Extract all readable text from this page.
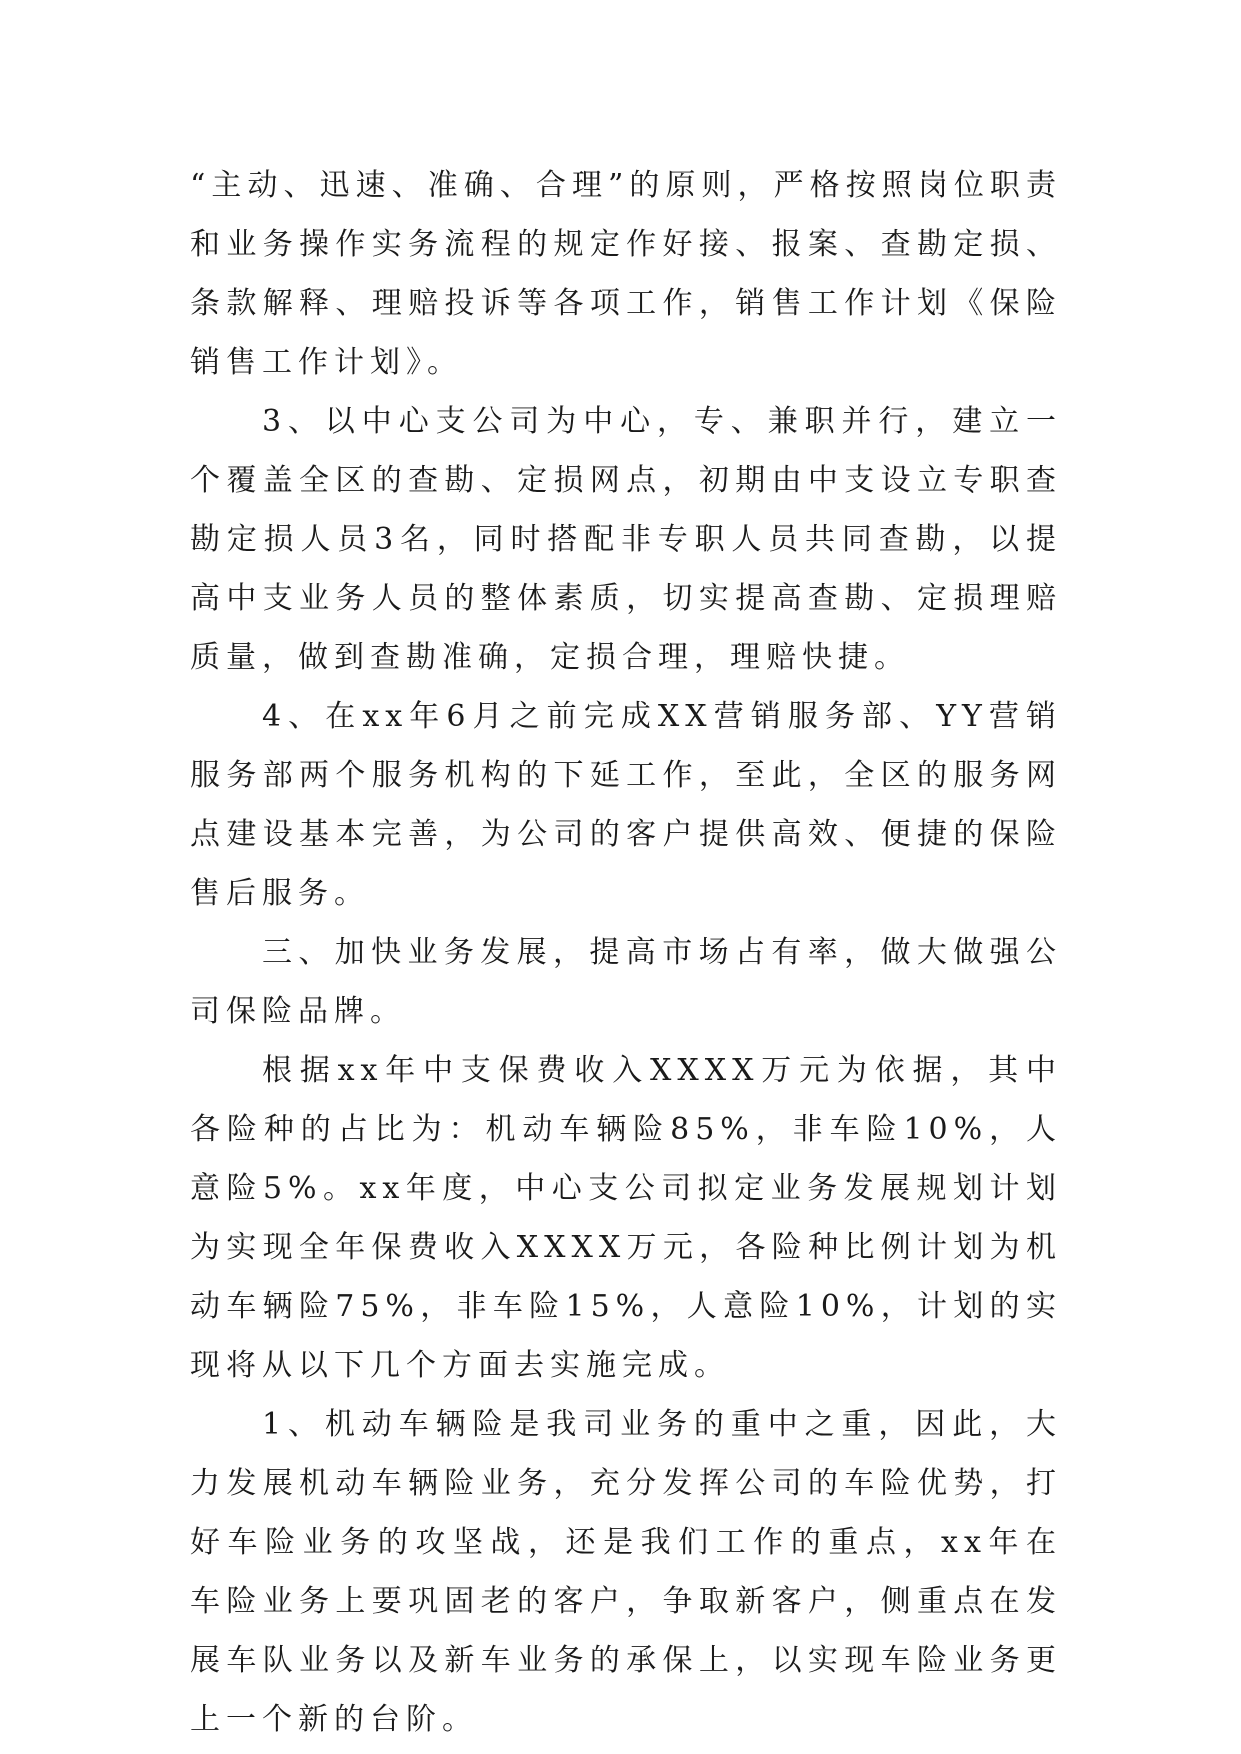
“主动、迅速、准确、合理”的原则，严格按照岗位职责和业务操作实务流程的规定作好接、报案、查勘定损、条款解释、理赔投诉等各项工作，销售工作计划《保险销售工作计划》。

3、以中心支公司为中心，专、兼职并行，建立一个覆盖全区的查勘、定损网点，初期由中支设立专职查勘定损人员3名，同时搭配非专职人员共同查勘，以提高中支业务人员的整体素质，切实提高查勘、定损理赔质量，做到查勘准确，定损合理，理赔快捷。

4、在xx年6月之前完成XX营销服务部、YY营销服务部两个服务机构的下延工作，至此，全区的服务网点建设基本完善，为公司的客户提供高效、便捷的保险售后服务。

三、加快业务发展，提高市场占有率，做大做强公司保险品牌。

根据xx年中支保费收入XXXX万元为依据，其中各险种的占比为：机动车辆险85%，非车险10%，人意险5%。xx年度，中心支公司拟定业务发展规划计划为实现全年保费收入XXXX万元，各险种比例计划为机动车辆险75%，非车险15%，人意险10%，计划的实现将从以下几个方面去实施完成。

1、机动车辆险是我司业务的重中之重，因此，大力发展机动车辆险业务，充分发挥公司的车险优势，打好车险业务的攻坚战，还是我们工作的重点，xx年在车险业务上要巩固老的客户，争取新客户，侧重点在发展车队业务以及新车业务的承保上，以实现车险业务更上一个新的台阶。
